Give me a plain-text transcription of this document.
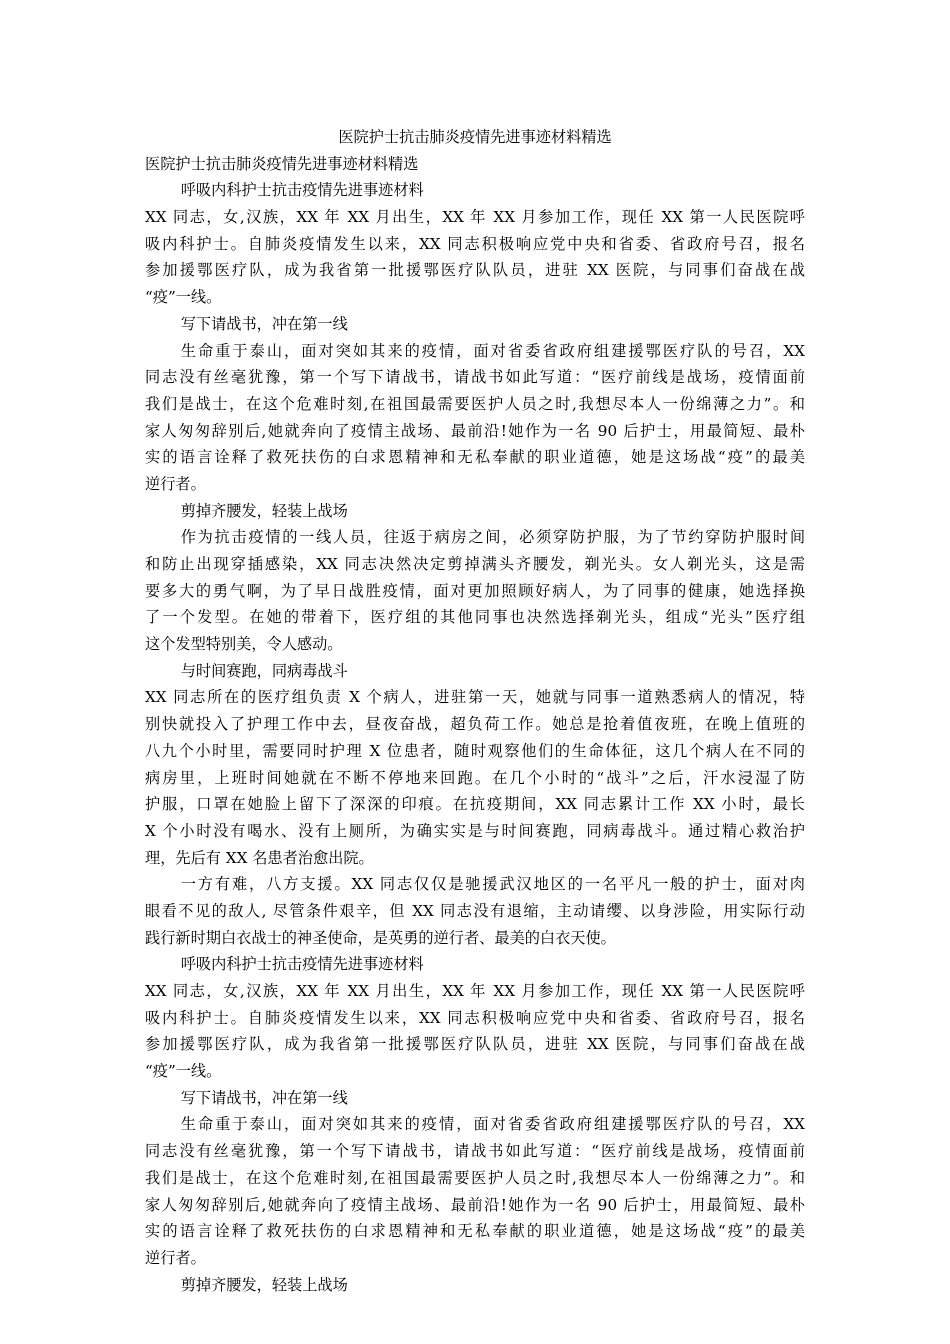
医院护士抗击肺炎疫情先进事迹材料精选
医院护士抗击肺炎疫情先进事迹材料精选
呼吸内科护士抗击疫情先进事迹材料
XX 同志，女,汉族，XX 年 XX 月出生，XX 年 XX 月参加工作，现任 XX 第一人民医院呼
吸内科护士。自肺炎疫情发生以来，XX 同志积极响应党中央和省委、省政府号召，报名
参加援鄂医疗队，成为我省第一批援鄂医疗队队员，进驻 XX 医院，与同事们奋战在战
“疫”一线。
写下请战书，冲在第一线
生命重于泰山，面对突如其来的疫情，面对省委省政府组建援鄂医疗队的号召，XX
同志没有丝毫犹豫，第一个写下请战书，请战书如此写道：“医疗前线是战场，疫情面前
我们是战士，在这个危难时刻,在祖国最需要医护人员之时,我想尽本人一份绵薄之力”。和
家人匆匆辞别后,她就奔向了疫情主战场、最前沿!她作为一名 90 后护士，用最简短、最朴
实的语言诠释了救死扶伤的白求恩精神和无私奉献的职业道德，她是这场战“疫”的最美
逆行者。
剪掉齐腰发，轻装上战场
作为抗击疫情的一线人员，往返于病房之间，必须穿防护服，为了节约穿防护服时间
和防止出现穿插感染，XX 同志决然决定剪掉满头齐腰发，剃光头。女人剃光头，这是需
要多大的勇气啊，为了早日战胜疫情，面对更加照顾好病人，为了同事的健康，她选择换
了一个发型。在她的带着下，医疗组的其他同事也决然选择剃光头，组成“光头”医疗组
这个发型特别美，令人感动。
与时间赛跑，同病毒战斗
XX 同志所在的医疗组负责 X 个病人，进驻第一天，她就与同事一道熟悉病人的情况，特
别快就投入了护理工作中去，昼夜奋战，超负荷工作。她总是抢着值夜班，在晚上值班的
八九个小时里，需要同时护理 X 位患者，随时观察他们的生命体征，这几个病人在不同的
病房里，上班时间她就在不断不停地来回跑。在几个小时的“战斗”之后，汗水浸湿了防
护服，口罩在她脸上留下了深深的印痕。在抗疫期间，XX 同志累计工作 XX 小时，最长
X 个小时没有喝水、没有上厕所，为确实实是与时间赛跑，同病毒战斗。通过精心救治护
理，先后有 XX 名患者治愈出院。
一方有难，八方支援。XX 同志仅仅是驰援武汉地区的一名平凡一般的护士，面对肉
眼看不见的敌人, 尽管条件艰辛，但 XX 同志没有退缩，主动请缨、以身涉险，用实际行动
践行新时期白衣战士的神圣使命，是英勇的逆行者、最美的白衣天使。
呼吸内科护士抗击疫情先进事迹材料
XX 同志，女,汉族，XX 年 XX 月出生，XX 年 XX 月参加工作，现任 XX 第一人民医院呼
吸内科护士。自肺炎疫情发生以来，XX 同志积极响应党中央和省委、省政府号召，报名
参加援鄂医疗队，成为我省第一批援鄂医疗队队员，进驻 XX 医院，与同事们奋战在战
“疫”一线。
写下请战书，冲在第一线
生命重于泰山，面对突如其来的疫情，面对省委省政府组建援鄂医疗队的号召，XX
同志没有丝毫犹豫，第一个写下请战书，请战书如此写道：“医疗前线是战场，疫情面前
我们是战士，在这个危难时刻,在祖国最需要医护人员之时,我想尽本人一份绵薄之力”。和
家人匆匆辞别后,她就奔向了疫情主战场、最前沿!她作为一名 90 后护士，用最简短、最朴
实的语言诠释了救死扶伤的白求恩精神和无私奉献的职业道德，她是这场战“疫”的最美
逆行者。
剪掉齐腰发，轻装上战场
